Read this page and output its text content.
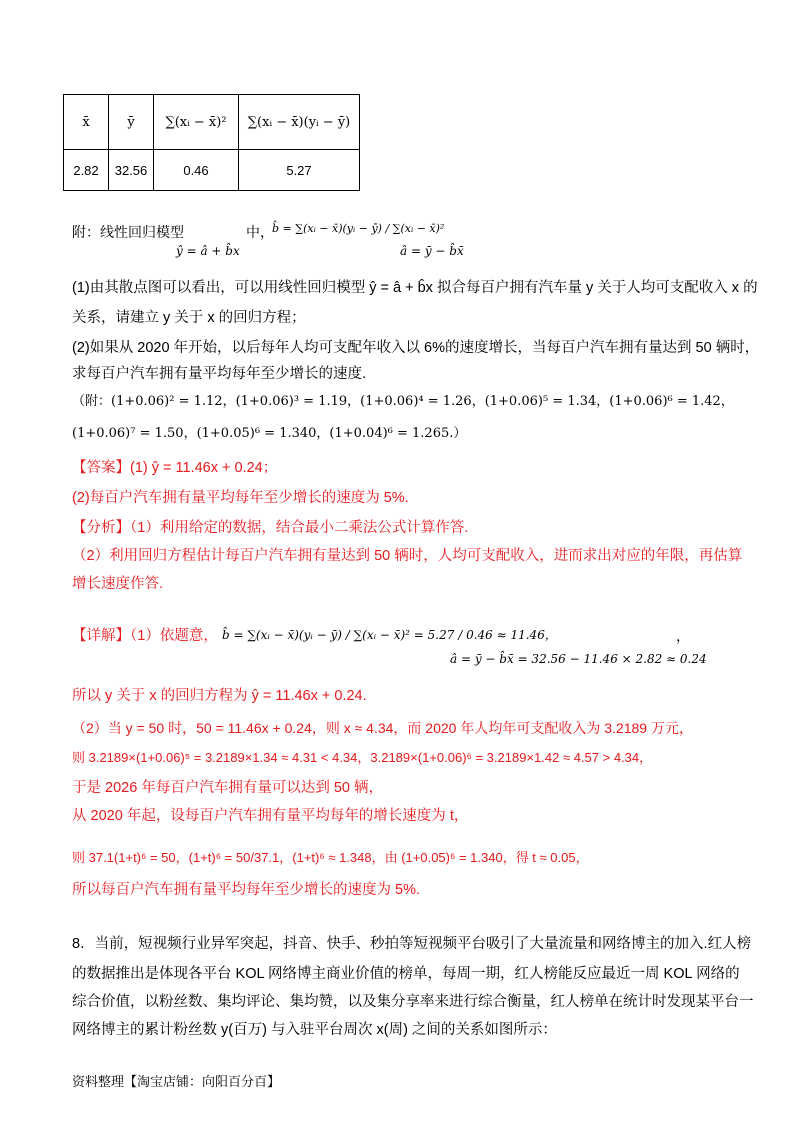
x̄	ȳ	∑(xᵢ − x̄)²	∑(xᵢ − x̄)(yᵢ − ȳ)
2.82	32.56	0.46	5.27
附：线性回归模型
ŷ = â + b̂x
中，
b̂ = ∑(xᵢ − x̄)(yᵢ − ȳ) / ∑(xᵢ − x̄)²
â = ȳ − b̂x̄
(1)由其散点图可以看出，可以用线性回归模型 ŷ = â + b̂x 拟合每百户拥有汽车量 y 关于人均可支配收入 x 的
关系，请建立 y 关于 x 的回归方程；
(2)如果从 2020 年开始，以后每年人均可支配年收入以 6%的速度增长，当每百户汽车拥有量达到 50 辆时，
求每百户汽车拥有量平均每年至少增长的速度.
（附：(1+0.06)² = 1.12，(1+0.06)³ = 1.19，(1+0.06)⁴ = 1.26，(1+0.06)⁵ = 1.34，(1+0.06)⁶ = 1.42，
(1+0.06)⁷ = 1.50，(1+0.05)⁶ = 1.340，(1+0.04)⁶ = 1.265.）
【答案】(1) ŷ = 11.46x + 0.24；
(2)每百户汽车拥有量平均每年至少增长的速度为 5%.
【分析】（1）利用给定的数据，结合最小二乘法公式计算作答.
（2）利用回归方程估计每百户汽车拥有量达到 50 辆时，人均可支配收入，进而求出对应的年限，再估算
增长速度作答.
【详解】（1）依题意， b̂ = ∑(xᵢ − x̄)(yᵢ − ȳ) / ∑(xᵢ − x̄)² = 5.27 / 0.46 ≈ 11.46，	，
â = ȳ − b̂x̄ = 32.56 − 11.46 × 2.82 ≈ 0.24
所以 y 关于 x 的回归方程为 ŷ = 11.46x + 0.24.
（2）当 y = 50 时，50 = 11.46x + 0.24，则 x ≈ 4.34，而 2020 年人均年可支配收入为 3.2189 万元，
则 3.2189×(1+0.06)⁵ = 3.2189×1.34 ≈ 4.31 < 4.34，3.2189×(1+0.06)⁶ = 3.2189×1.42 ≈ 4.57 > 4.34，
于是 2026 年每百户汽车拥有量可以达到 50 辆，
从 2020 年起，设每百户汽车拥有量平均每年的增长速度为 t，
则 37.1(1+t)⁶ = 50，(1+t)⁶ = 50/37.1，(1+t)⁶ ≈ 1.348，由 (1+0.05)⁶ = 1.340，得 t ≈ 0.05，
所以每百户汽车拥有量平均每年至少增长的速度为 5%.
8．当前，短视频行业异军突起，抖音、快手、秒拍等短视频平台吸引了大量流量和网络博主的加入.红人榜
的数据推出是体现各平台 KOL 网络博主商业价值的榜单，每周一期，红人榜能反应最近一周 KOL 网络的
综合价值，以粉丝数、集均评论、集均赞，以及集分享率来进行综合衡量，红人榜单在统计时发现某平台一
网络博主的累计粉丝数 y(百万) 与入驻平台周次 x(周) 之间的关系如图所示：
资料整理【淘宝店铺：向阳百分百】
